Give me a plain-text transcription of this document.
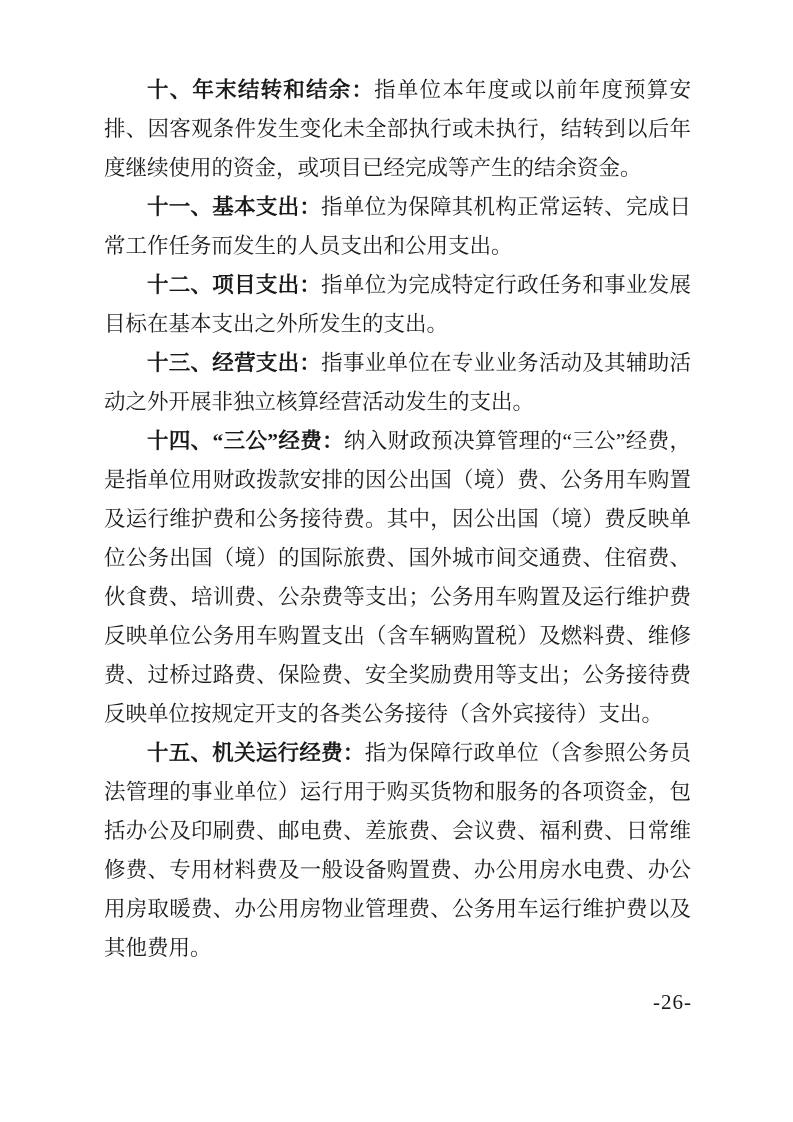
十、年末结转和结余：指单位本年度或以前年度预算安排、因客观条件发生变化未全部执行或未执行，结转到以后年度继续使用的资金，或项目已经完成等产生的结余资金。

十一、基本支出：指单位为保障其机构正常运转、完成日常工作任务而发生的人员支出和公用支出。

十二、项目支出：指单位为完成特定行政任务和事业发展目标在基本支出之外所发生的支出。

十三、经营支出：指事业单位在专业业务活动及其辅助活动之外开展非独立核算经营活动发生的支出。

十四、“三公”经费：纳入财政预决算管理的“三公”经费，是指单位用财政拨款安排的因公出国（境）费、公务用车购置及运行维护费和公务接待费。其中，因公出国（境）费反映单位公务出国（境）的国际旅费、国外城市间交通费、住宿费、伙食费、培训费、公杂费等支出；公务用车购置及运行维护费反映单位公务用车购置支出（含车辆购置税）及燃料费、维修费、过桥过路费、保险费、安全奖励费用等支出；公务接待费反映单位按规定开支的各类公务接待（含外宾接待）支出。

十五、机关运行经费：指为保障行政单位（含参照公务员法管理的事业单位）运行用于购买货物和服务的各项资金，包括办公及印刷费、邮电费、差旅费、会议费、福利费、日常维修费、专用材料费及一般设备购置费、办公用房水电费、办公用房取暖费、办公用房物业管理费、公务用车运行维护费以及其他费用。

-26-
